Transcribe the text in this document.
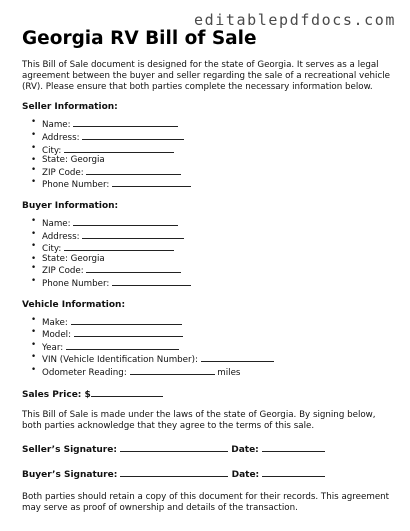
editablepdfdocs.com
Georgia RV Bill of Sale
This Bill of Sale document is designed for the state of Georgia. It serves as a legal agreement between the buyer and seller regarding the sale of a recreational vehicle (RV). Please ensure that both parties complete the necessary information below.
Seller Information:
• Name:
• Address:
• City:
• State: Georgia
• ZIP Code:
• Phone Number:
Buyer Information:
• Name:
• Address:
• City:
• State: Georgia
• ZIP Code:
• Phone Number:
Vehicle Information:
• Make:
• Model:
• Year:
• VIN (Vehicle Identification Number):
• Odometer Reading:	miles
Sales Price: $
This Bill of Sale is made under the laws of the state of Georgia. By signing below, both parties acknowledge that they agree to the terms of this sale.
Seller’s Signature:	Date:
Buyer’s Signature:	Date:
Both parties should retain a copy of this document for their records. This agreement may serve as proof of ownership and details of the transaction.
